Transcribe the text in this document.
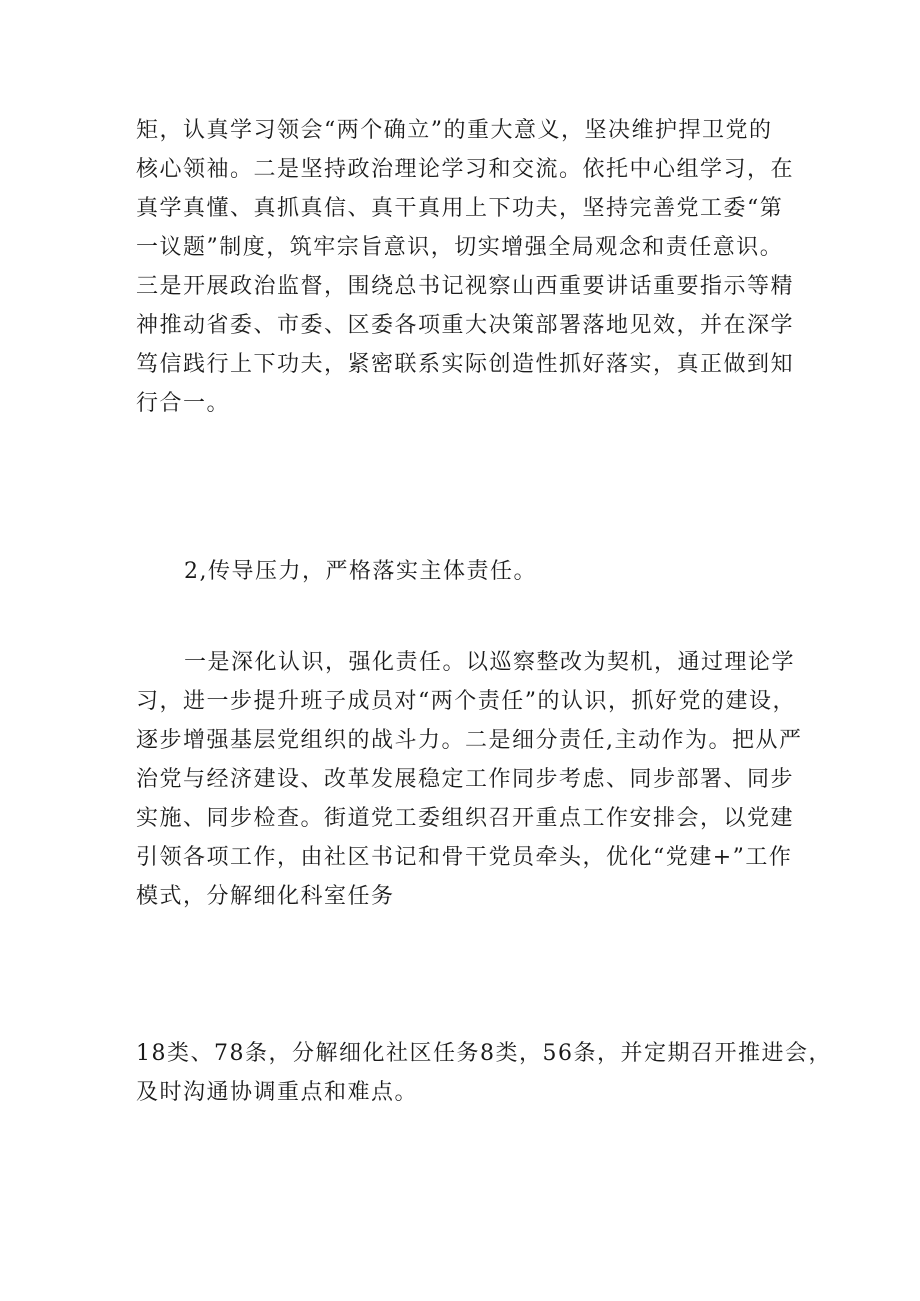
矩，认真学习领会“两个确立”的重大意义，坚决维护捍卫党的
核心领袖。二是坚持政治理论学习和交流。依托中心组学习，在
真学真懂、真抓真信、真干真用上下功夫，坚持完善党工委“第
一议题”制度，筑牢宗旨意识，切实增强全局观念和责任意识。
三是开展政治监督，围绕总书记视察山西重要讲话重要指示等精
神推动省委、市委、区委各项重大决策部署落地见效，并在深学
笃信践行上下功夫，紧密联系实际创造性抓好落实，真正做到知
行合一。
2,传导压力，严格落实主体责任。
一是深化认识，强化责任。以巡察整改为契机，通过理论学
习，进一步提升班子成员对“两个责任”的认识，抓好党的建设，
逐步增强基层党组织的战斗力。二是细分责任,主动作为。把从严
治党与经济建设、改革发展稳定工作同步考虑、同步部署、同步
实施、同步检查。街道党工委组织召开重点工作安排会，以党建
引领各项工作，由社区书记和骨干党员牵头，优化“党建+”工作
模式，分解细化科室任务
18类、78条，分解细化社区任务8类，56条，并定期召开推进会，
及时沟通协调重点和难点。
